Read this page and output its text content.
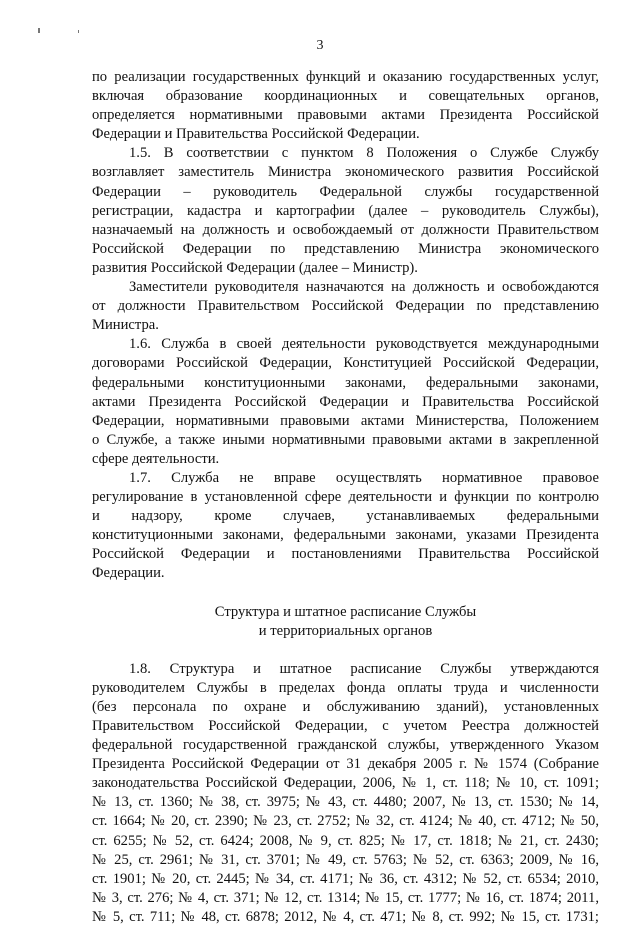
3
по реализации государственных функций и оказанию государственных услуг,
включая образование координационных и совещательных органов,
определяется нормативными правовыми актами Президента Российской
Федерации и Правительства Российской Федерации.
1.5. В соответствии с пунктом 8 Положения о Службе Службу
возглавляет заместитель Министра экономического развития Российской
Федерации – руководитель Федеральной службы государственной
регистрации, кадастра и картографии (далее – руководитель Службы),
назначаемый на должность и освобождаемый от должности Правительством
Российской Федерации по представлению Министра экономического
развития Российской Федерации (далее – Министр).
Заместители руководителя назначаются на должность и освобождаются
от должности Правительством Российской Федерации по представлению
Министра.
1.6. Служба в своей деятельности руководствуется международными
договорами Российской Федерации, Конституцией Российской Федерации,
федеральными конституционными законами, федеральными законами,
актами Президента Российской Федерации и Правительства Российской
Федерации, нормативными правовыми актами Министерства, Положением
о Службе, а также иными нормативными правовыми актами в закрепленной
сфере деятельности.
1.7. Служба не вправе осуществлять нормативное правовое
регулирование в установленной сфере деятельности и функции по контролю
и надзору, кроме случаев, устанавливаемых федеральными
конституционными законами, федеральными законами, указами Президента
Российской Федерации и постановлениями Правительства Российской
Федерации.
Структура и штатное расписание Службы
и территориальных органов
1.8. Структура и штатное расписание Службы утверждаются
руководителем Службы в пределах фонда оплаты труда и численности
(без персонала по охране и обслуживанию зданий), установленных
Правительством Российской Федерации, с учетом Реестра должностей
федеральной государственной гражданской службы, утвержденного Указом
Президента Российской Федерации от 31 декабря 2005 г. № 1574 (Собрание
законодательства Российской Федерации, 2006, № 1, ст. 118; № 10, ст. 1091;
№ 13, ст. 1360; № 38, ст. 3975; № 43, ст. 4480; 2007, № 13, ст. 1530; № 14,
ст. 1664; № 20, ст. 2390; № 23, ст. 2752; № 32, ст. 4124; № 40, ст. 4712; № 50,
ст. 6255; № 52, ст. 6424; 2008, № 9, ст. 825; № 17, ст. 1818; № 21, ст. 2430;
№ 25, ст. 2961; № 31, ст. 3701; № 49, ст. 5763; № 52, ст. 6363; 2009, № 16,
ст. 1901; № 20, ст. 2445; № 34, ст. 4171; № 36, ст. 4312; № 52, ст. 6534; 2010,
№ 3, ст. 276; № 4, ст. 371; № 12, ст. 1314; № 15, ст. 1777; № 16, ст. 1874; 2011,
№ 5, ст. 711; № 48, ст. 6878; 2012, № 4, ст. 471; № 8, ст. 992; № 15, ст. 1731;
